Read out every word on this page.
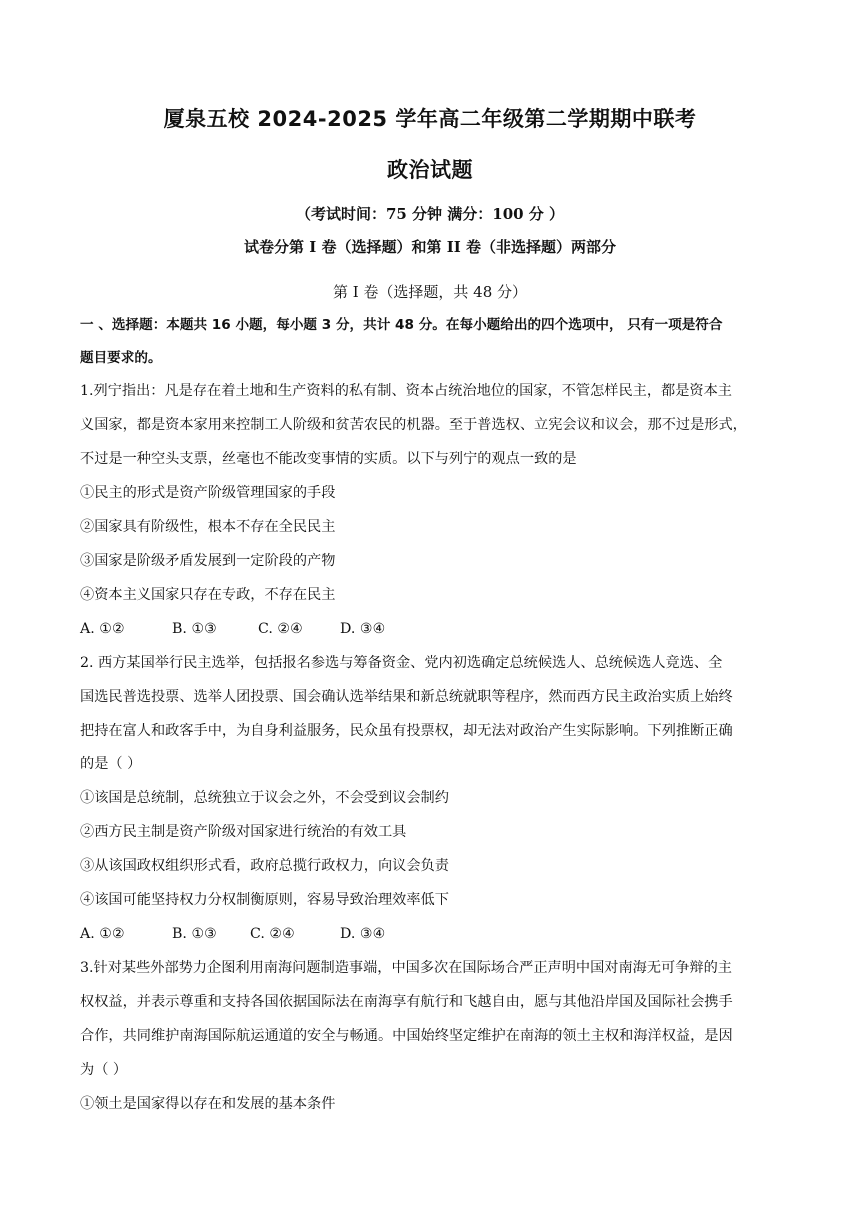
厦泉五校 2024-2025 学年高二年级第二学期期中联考
政治试题
（考试时间：75 分钟 满分：100 分 ）
试卷分第 I 卷（选择题）和第 II 卷（非选择题）两部分
第 I 卷（选择题，共 48 分）
一 、选择题：本题共 16 小题，每小题 3 分，共计 48 分。在每小题给出的四个选项中， 只有一项是符合
题目要求的。
1.列宁指出：凡是存在着土地和生产资料的私有制、资本占统治地位的国家，不管怎样民主，都是资本主
义国家，都是资本家用来控制工人阶级和贫苦农民的机器。至于普选权、立宪会议和议会，那不过是形式，
不过是一种空头支票，丝毫也不能改变事情的实质。以下与列宁的观点一致的是
①民主的形式是资产阶级管理国家的手段
②国家具有阶级性，根本不存在全民民主
③国家是阶级矛盾发展到一定阶段的产物
④资本主义国家只存在专政，不存在民主
A. ①②	B. ①③	C. ②④	D. ③④
2. 西方某国举行民主选举，包括报名参选与筹备资金、党内初选确定总统候选人、总统候选人竞选、全
国选民普选投票、选举人团投票、国会确认选举结果和新总统就职等程序，然而西方民主政治实质上始终
把持在富人和政客手中，为自身利益服务，民众虽有投票权，却无法对政治产生实际影响。下列推断正确
的是（ ）
①该国是总统制，总统独立于议会之外，不会受到议会制约
②西方民主制是资产阶级对国家进行统治的有效工具
③从该国政权组织形式看，政府总揽行政权力，向议会负责
④该国可能坚持权力分权制衡原则，容易导致治理效率低下
A. ①②	B. ①③ C. ②④	D. ③④
3.针对某些外部势力企图利用南海问题制造事端，中国多次在国际场合严正声明中国对南海无可争辩的主
权权益，并表示尊重和支持各国依据国际法在南海享有航行和飞越自由，愿与其他沿岸国及国际社会携手
合作，共同维护南海国际航运通道的安全与畅通。中国始终坚定维护在南海的领土主权和海洋权益，是因
为（ ）
①领土是国家得以存在和发展的基本条件
